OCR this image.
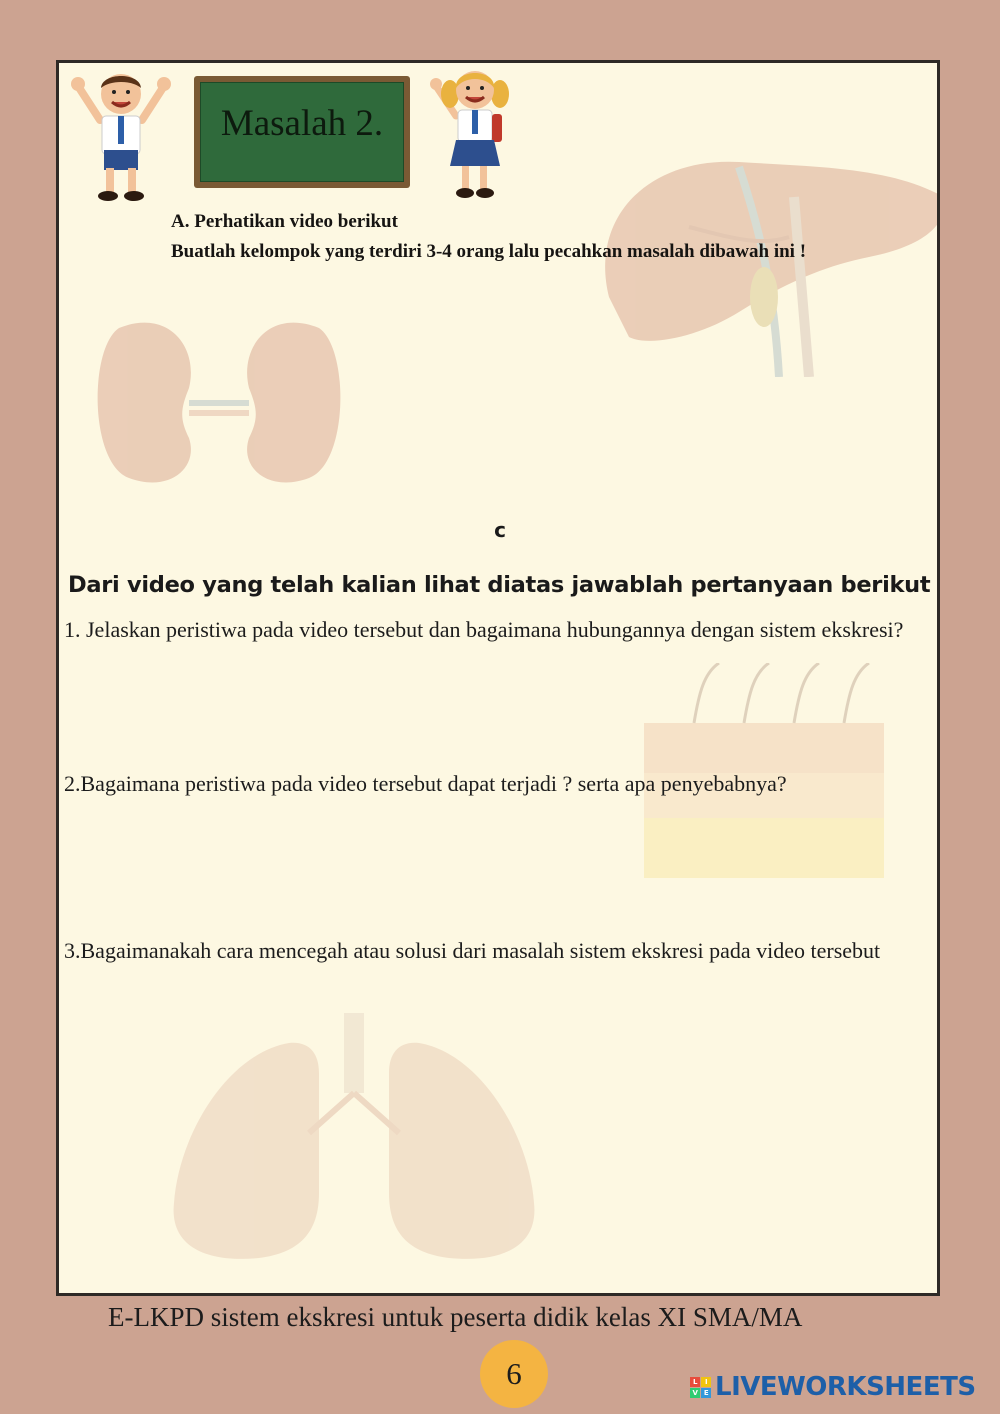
A. Perhatikan video berikut
Buatlah kelompok yang terdiri 3-4 orang lalu pecahkan masalah dibawah ini !
Masalah 2.
c
Dari video yang telah kalian lihat diatas jawablah pertanyaan berikut
1. Jelaskan peristiwa pada video tersebut dan bagaimana hubungannya dengan sistem ekskresi?
2.Bagaimana peristiwa pada video tersebut dapat terjadi ? serta apa penyebabnya?
3.Bagaimanakah cara mencegah atau solusi dari masalah sistem ekskresi pada video tersebut
E-LKPD sistem ekskresi untuk peserta didik kelas XI SMA/MA
6	L	I
V E LIVEWORKSHEETS
